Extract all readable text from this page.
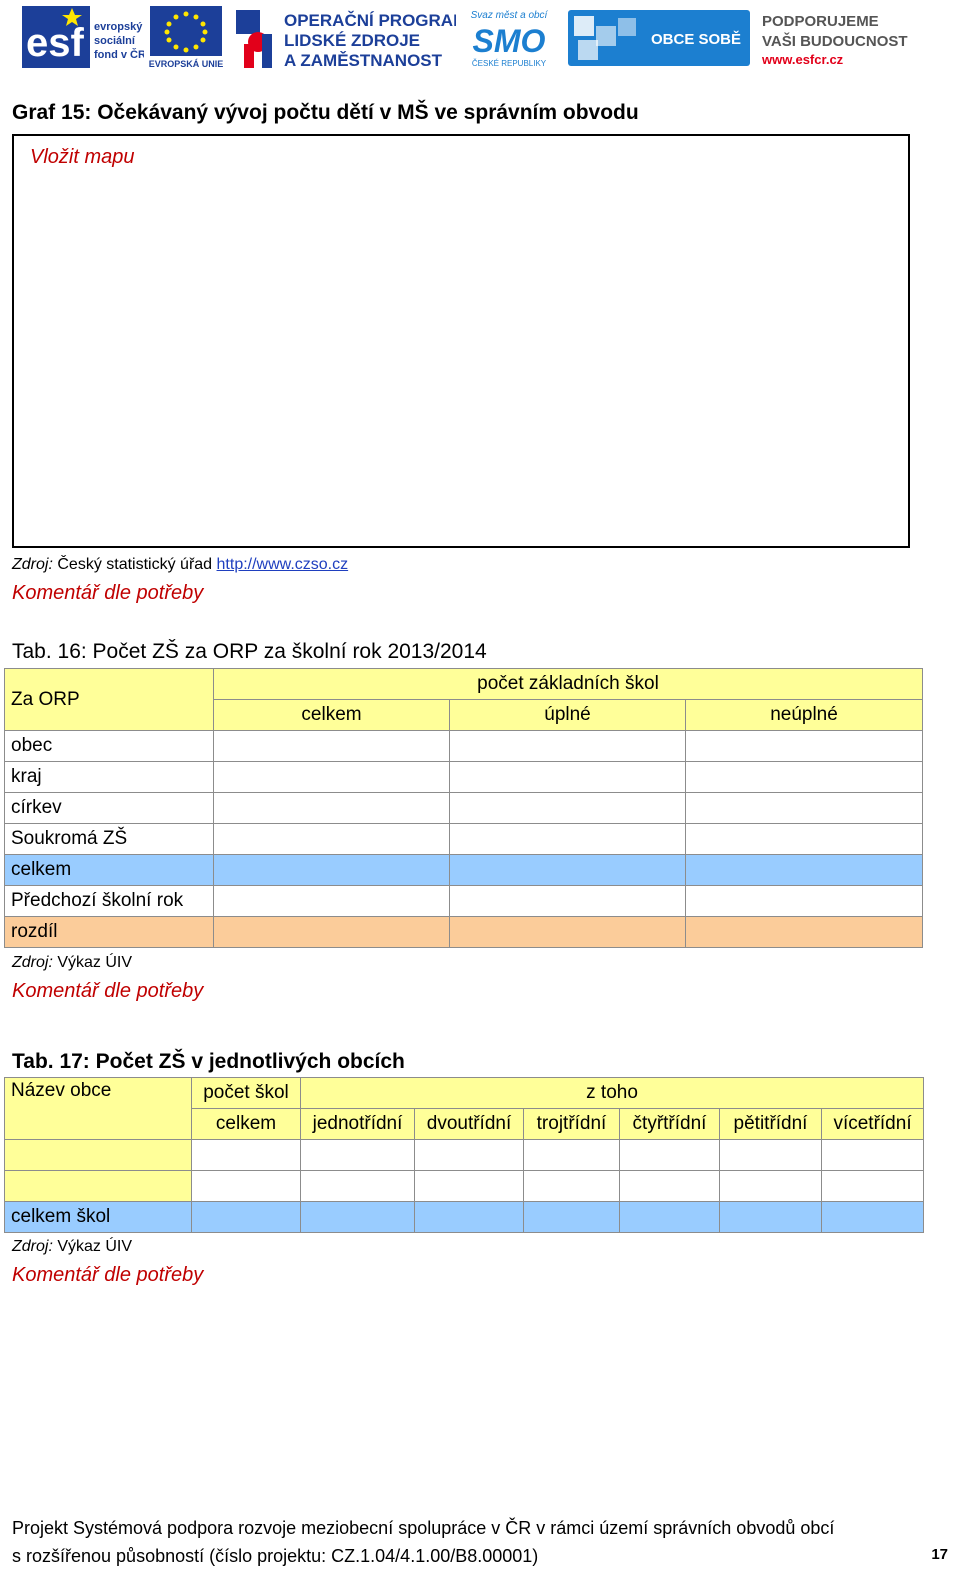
esf evropský
sociální
fond v ČR
EVROPSKÁ UNIE
OPERAČNÍ PROGRAM
LIDSKÉ ZDROJE
A ZAMĚSTNANOST
Svaz měst a obcí
SMO
ČESKÉ REPUBLIKY
OBCE SOBĚ
PODPORUJEME
VAŠI BUDOUCNOST
www.esfcr.cz
Graf 15: Očekávaný vývoj počtu dětí v MŠ ve správním obvodu
Vložit mapu
Zdroj: Český statistický úřad http://www.czso.cz
Komentář dle potřeby
Tab. 16: Počet ZŠ za ORP za školní rok 2013/2014
Za ORP	počet základních škol		
	celkem	úplné	neúplné
obec			
kraj			
církev			
Soukromá ZŠ			
celkem			
Předchozí školní rok			
rozdíl			
Zdroj: Výkaz ÚIV
Komentář dle potřeby
Tab. 17: Počet ZŠ v jednotlivých obcích
Název obce	počet škol	z toho					
	celkem	jednotřídní	dvoutřídní	trojtřídní	čtyřtřídní	pětitřídní	vícetřídní

celkem škol							
Zdroj: Výkaz ÚIV
Komentář dle potřeby
Projekt Systémová podpora rozvoje meziobecní spolupráce v ČR v rámci území správních obvodů obcí
s rozšířenou působností (číslo projektu: CZ.1.04/4.1.00/B8.00001)	17
